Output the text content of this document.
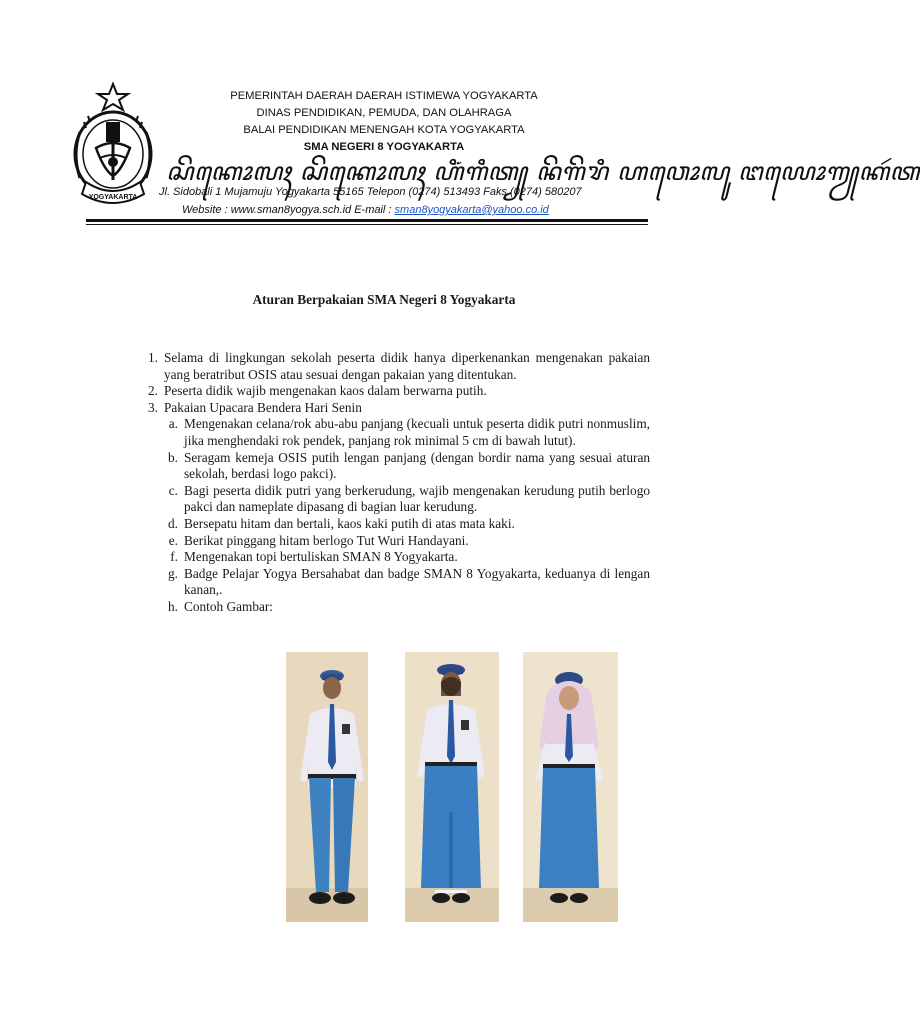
YOGYAKARTA
PEMERINTAH DAERAH DAERAH ISTIMEWA YOGYAKARTA
DINAS PENDIDIKAN, PEMUDA, DAN OLAHRAGA
BALAI PENDIDIKAN MENENGAH KOTA YOGYAKARTA
SMA NEGERI 8 YOGYAKARTA
ꦱꦼꦏꦺꦴꦭꦃ ꦱꦼꦏꦺꦴꦭꦃ ꦲꦶꦁꦒꦶꦠ꧀ ꦤꦼꦒꦼꦫꦶ ꦲꦮꦺꦴꦭꦸ ꦔꦪꦺꦴꦒꦾꦏꦂꦠ
Jl. Sidobali 1 Mujamuju Yogyakarta 55165 Telepon (0274) 513493 Faks (0274) 580207
Website : www.sman8yogya.sch.id E-mail : sman8yogyakarta@yahoo.co.id
Aturan Berpakaian SMA Negeri 8 Yogyakarta
1. Selama di lingkungan sekolah peserta didik hanya diperkenankan mengenakan pakaian yang beratribut OSIS atau sesuai dengan pakaian yang ditentukan.
2. Peserta didik wajib mengenakan kaos dalam berwarna putih.
3. Pakaian Upacara Bendera Hari Senin
a. Mengenakan celana/rok abu-abu panjang (kecuali untuk peserta didik putri nonmuslim, jika menghendaki rok pendek, panjang rok minimal 5 cm di bawah lutut).
b. Seragam kemeja OSIS putih lengan panjang (dengan bordir nama yang sesuai aturan sekolah, berdasi logo pakci).
c. Bagi peserta didik putri yang berkerudung, wajib mengenakan kerudung putih berlogo pakci dan nameplate dipasang di bagian luar kerudung.
d. Bersepatu hitam dan bertali, kaos kaki putih di atas mata kaki.
e. Berikat pinggang hitam berlogo Tut Wuri Handayani.
f. Mengenakan topi bertuliskan SMAN 8 Yogyakarta.
g. Badge Pelajar Yogya Bersahabat dan badge SMAN 8 Yogyakarta, keduanya di lengan kanan,.
h. Contoh Gambar:
